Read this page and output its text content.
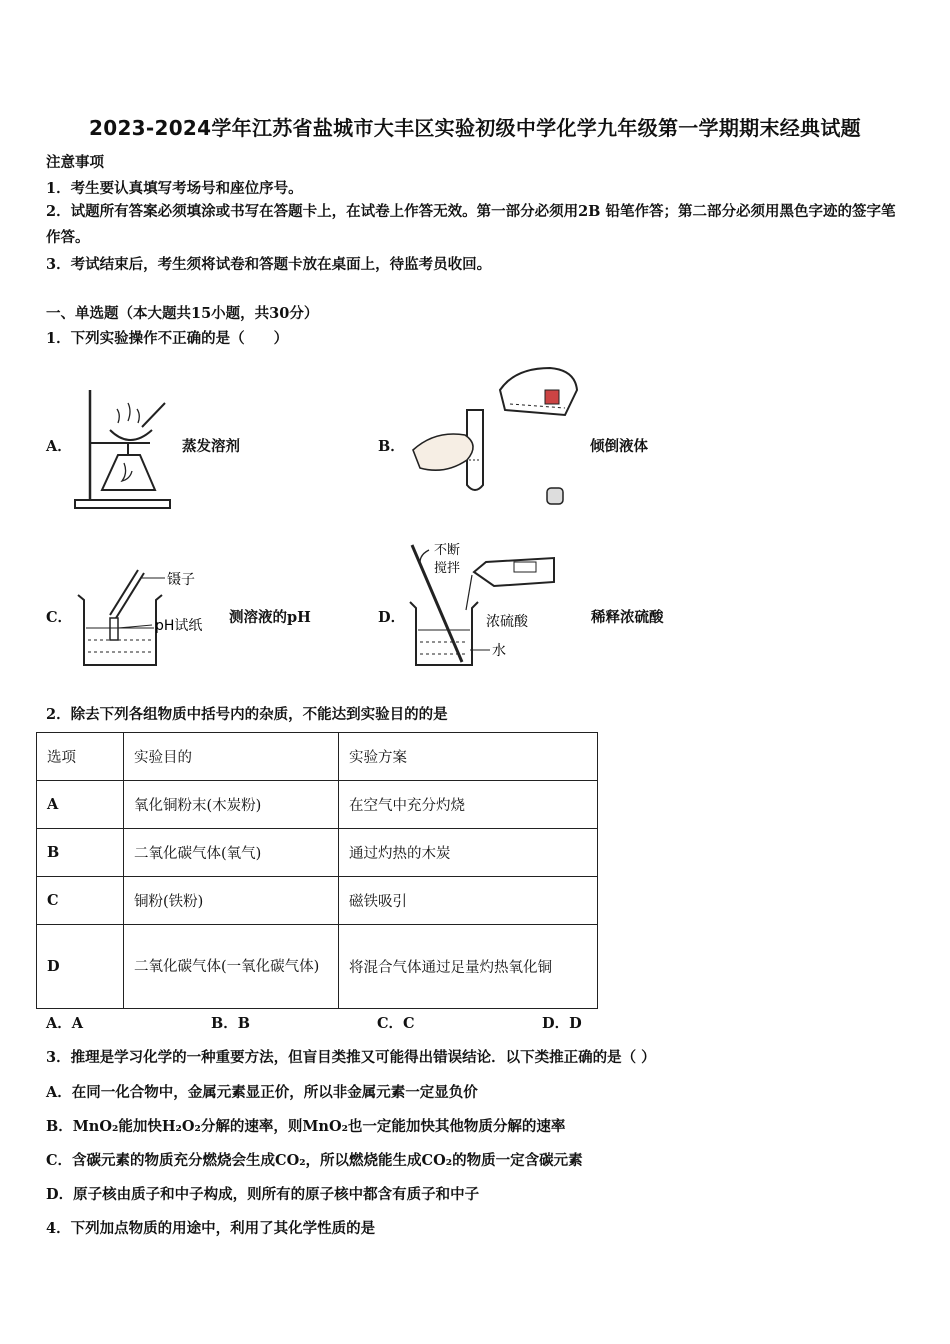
2023-2024学年江苏省盐城市大丰区实验初级中学化学九年级第一学期期末经典试题
注意事项
1．考生要认真填写考场号和座位序号。
2．试题所有答案必须填涂或书写在答题卡上，在试卷上作答无效。第一部分必须用2B 铅笔作答；第二部分必须用黑色字迹的签字笔作答。
3．考试结束后，考生须将试卷和答题卡放在桌面上，待监考员收回。
一、单选题（本大题共15小题，共30分）
1．下列实验操作不正确的是（　　）
A．	蒸发溶剂	B．	倾倒液体
C．
镊子
pH试纸 测溶液的pH	D．
不断
搅拌
浓硫酸
水
稀释浓硫酸
2．除去下列各组物质中括号内的杂质，不能达到实验目的的是
选项	实验目的	实验方案
A	氧化铜粉末(木炭粉)	在空气中充分灼烧
B	二氧化碳气体(氧气)	通过灼热的木炭
C	铜粉(铁粉)	磁铁吸引
D	二氧化碳气体(一氧化碳气体)	将混合气体通过足量灼热氧化铜
A．A	B．B	C．C	D．D
3．推理是学习化学的一种重要方法，但盲目类推又可能得出错误结论．以下类推正确的是（ ）
A．在同一化合物中，金属元素显正价，所以非金属元素一定显负价
B．MnO₂能加快H₂O₂分解的速率，则MnO₂也一定能加快其他物质分解的速率
C．含碳元素的物质充分燃烧会生成CO₂，所以燃烧能生成CO₂的物质一定含碳元素
D．原子核由质子和中子构成，则所有的原子核中都含有质子和中子
4．下列加点物质的用途中，利用了其化学性质的是
